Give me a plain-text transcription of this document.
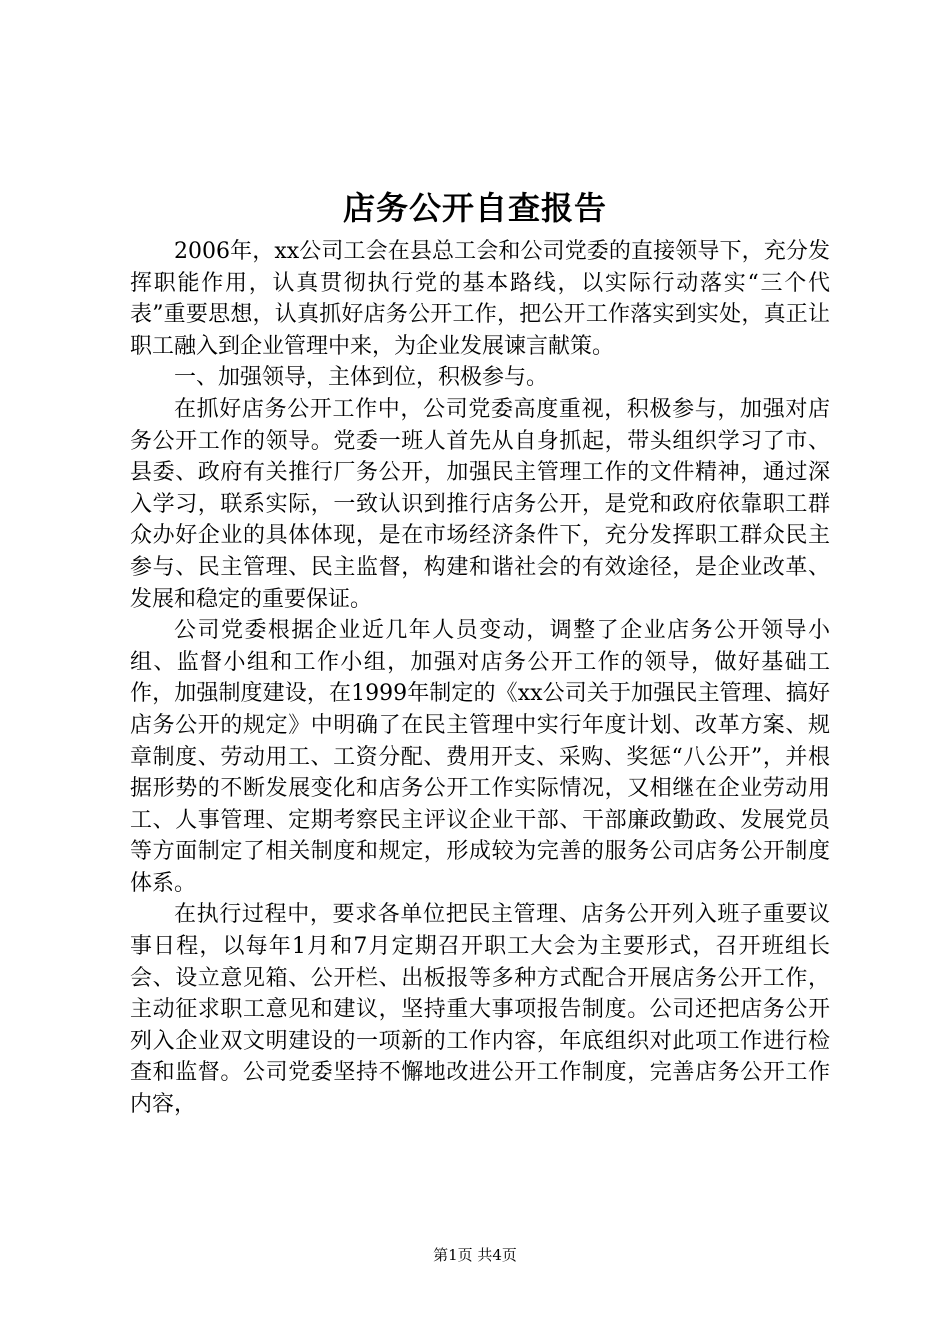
店务公开自查报告

2006年，xx公司工会在县总工会和公司党委的直接领导下，充分发挥职能作用，认真贯彻执行党的基本路线，以实际行动落实“三个代表”重要思想，认真抓好店务公开工作，把公开工作落实到实处，真正让职工融入到企业管理中来，为企业发展谏言献策。

一、加强领导，主体到位，积极参与。

在抓好店务公开工作中，公司党委高度重视，积极参与，加强对店务公开工作的领导。党委一班人首先从自身抓起，带头组织学习了市、县委、政府有关推行厂务公开，加强民主管理工作的文件精神，通过深入学习，联系实际，一致认识到推行店务公开，是党和政府依靠职工群众办好企业的具体体现，是在市场经济条件下，充分发挥职工群众民主参与、民主管理、民主监督，构建和谐社会的有效途径，是企业改革、发展和稳定的重要保证。

公司党委根据企业近几年人员变动，调整了企业店务公开领导小组、监督小组和工作小组，加强对店务公开工作的领导，做好基础工作，加强制度建设，在1999年制定的《xx公司关于加强民主管理、搞好店务公开的规定》中明确了在民主管理中实行年度计划、改革方案、规章制度、劳动用工、工资分配、费用开支、采购、奖惩“八公开”，并根据形势的不断发展变化和店务公开工作实际情况，又相继在企业劳动用工、人事管理、定期考察民主评议企业干部、干部廉政勤政、发展党员等方面制定了相关制度和规定，形成较为完善的服务公司店务公开制度体系。

在执行过程中，要求各单位把民主管理、店务公开列入班子重要议事日程，以每年1月和7月定期召开职工大会为主要形式，召开班组长会、设立意见箱、公开栏、出板报等多种方式配合开展店务公开工作，主动征求职工意见和建议，坚持重大事项报告制度。公司还把店务公开列入企业双文明建设的一项新的工作内容，年底组织对此项工作进行检查和监督。公司党委坚持不懈地改进公开工作制度，完善店务公开工作内容，

第1页 共4页
